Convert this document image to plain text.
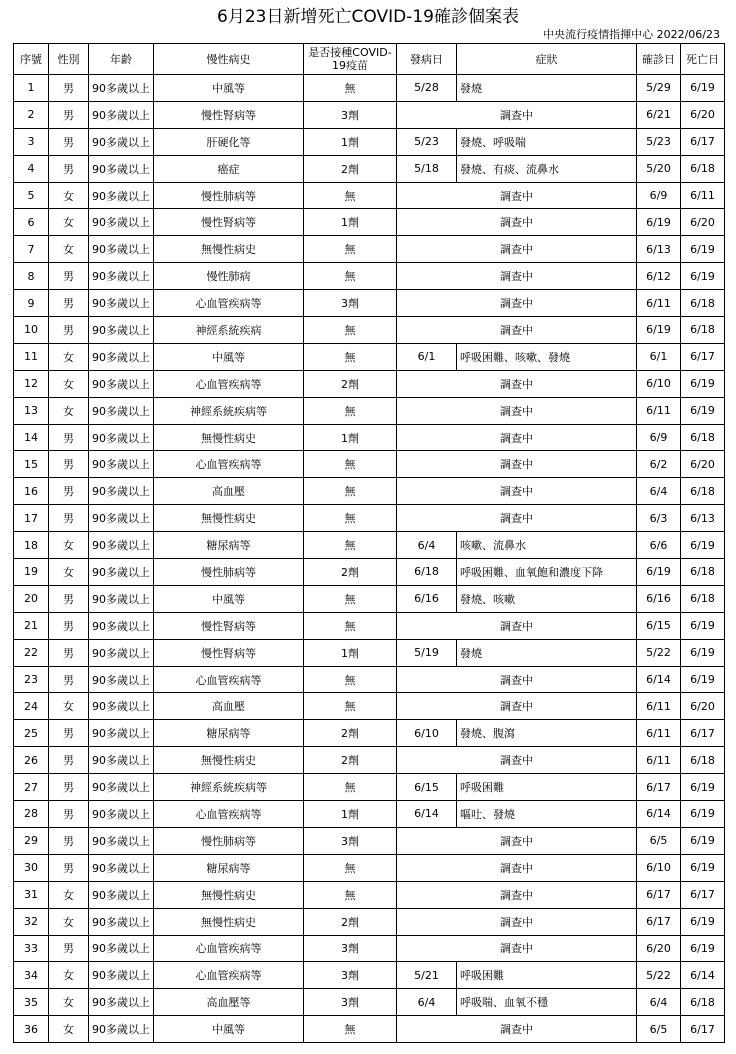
6月23日新增死亡COVID-19確診個案表
中央流行疫情指揮中心 2022/06/23
序號	性別	年齡	慢性病史	是否接種COVID-19疫苗	發病日	症狀	確診日	死亡日
1	男	90多歲以上	中風等	無	5/28	發燒	5/29	6/19
2	男	90多歲以上	慢性腎病等	3劑	調查中		6/21	6/20
3	男	90多歲以上	肝硬化等	1劑	5/23	發燒、呼吸喘	5/23	6/17
4	男	90多歲以上	癌症	2劑	5/18	發燒、有痰、流鼻水	5/20	6/18
5	女	90多歲以上	慢性肺病等	無	調查中		6/9	6/11
6	女	90多歲以上	慢性腎病等	1劑	調查中		6/19	6/20
7	女	90多歲以上	無慢性病史	無	調查中		6/13	6/19
8	男	90多歲以上	慢性肺病	無	調查中		6/12	6/19
9	男	90多歲以上	心血管疾病等	3劑	調查中		6/11	6/18
10	男	90多歲以上	神經系統疾病	無	調查中		6/19	6/18
11	女	90多歲以上	中風等	無	6/1	呼吸困難、咳嗽、發燒	6/1	6/17
12	女	90多歲以上	心血管疾病等	2劑	調查中		6/10	6/19
13	女	90多歲以上	神經系統疾病等	無	調查中		6/11	6/19
14	男	90多歲以上	無慢性病史	1劑	調查中		6/9	6/18
15	男	90多歲以上	心血管疾病等	無	調查中		6/2	6/20
16	男	90多歲以上	高血壓	無	調查中		6/4	6/18
17	男	90多歲以上	無慢性病史	無	調查中		6/3	6/13
18	女	90多歲以上	糖尿病等	無	6/4	咳嗽、流鼻水	6/6	6/19
19	女	90多歲以上	慢性肺病等	2劑	6/18	呼吸困難、血氧飽和濃度下降	6/19	6/18
20	男	90多歲以上	中風等	無	6/16	發燒、咳嗽	6/16	6/18
21	男	90多歲以上	慢性腎病等	無	調查中		6/15	6/19
22	男	90多歲以上	慢性腎病等	1劑	5/19	發燒	5/22	6/19
23	男	90多歲以上	心血管疾病等	無	調查中		6/14	6/19
24	女	90多歲以上	高血壓	無	調查中		6/11	6/20
25	男	90多歲以上	糖尿病等	2劑	6/10	發燒、腹瀉	6/11	6/17
26	男	90多歲以上	無慢性病史	2劑	調查中		6/11	6/18
27	男	90多歲以上	神經系統疾病等	無	6/15	呼吸困難	6/17	6/19
28	男	90多歲以上	心血管疾病等	1劑	6/14	嘔吐、發燒	6/14	6/19
29	男	90多歲以上	慢性肺病等	3劑	調查中		6/5	6/19
30	男	90多歲以上	糖尿病等	無	調查中		6/10	6/19
31	女	90多歲以上	無慢性病史	無	調查中		6/17	6/17
32	女	90多歲以上	無慢性病史	2劑	調查中		6/17	6/19
33	男	90多歲以上	心血管疾病等	3劑	調查中		6/20	6/19
34	女	90多歲以上	心血管疾病等	3劑	5/21	呼吸困難	5/22	6/14
35	女	90多歲以上	高血壓等	3劑	6/4	呼吸喘、血氧不穩	6/4	6/18
36	女	90多歲以上	中風等	無	調查中		6/5	6/17
